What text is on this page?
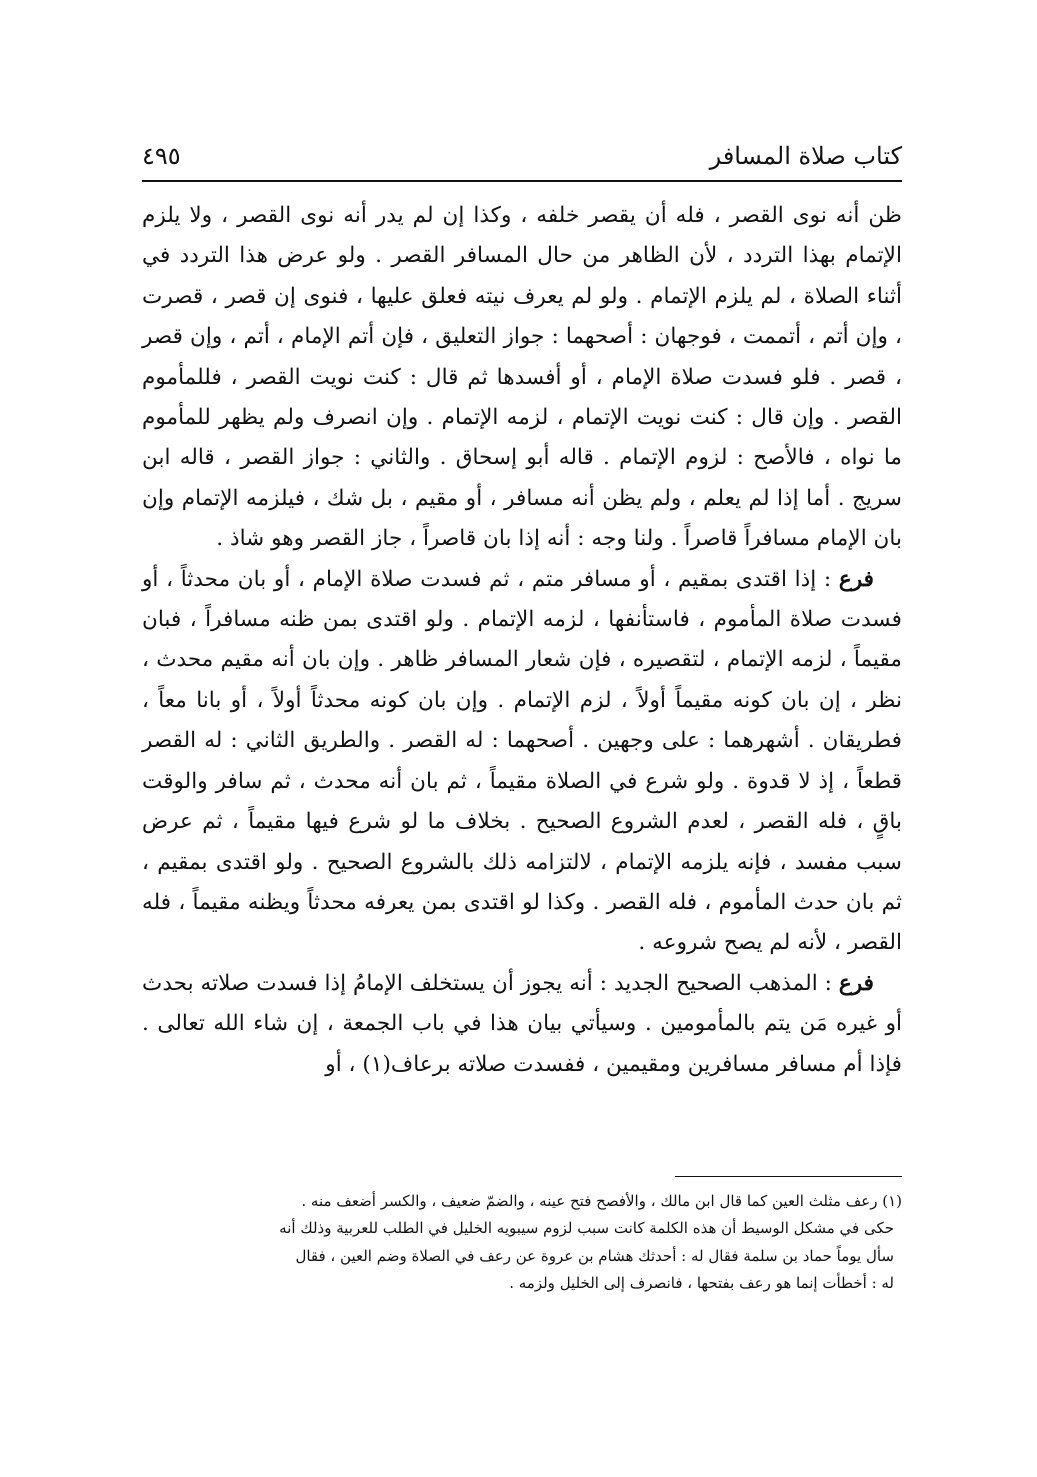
كتاب صلاة المسافر
٤٩٥

ظن أنه نوى القصر ، فله أن يقصر خلفه ، وكذا إن لم يدر أنه نوى القصر ، ولا يلزم الإتمام بهذا التردد ، لأن الظاهر من حال المسافر القصر . ولو عرض هذا التردد في أثناء الصلاة ، لم يلزم الإتمام . ولو لم يعرف نيته فعلق عليها ، فنوى إن قصر ، قصرت ، وإن أتم ، أتممت ، فوجهان : أصحهما : جواز التعليق ، فإن أتم الإمام ، أتم ، وإن قصر ، قصر . فلو فسدت صلاة الإمام ، أو أفسدها ثم قال : كنت نويت القصر ، فللمأموم القصر . وإن قال : كنت نويت الإتمام ، لزمه الإتمام . وإن انصرف ولم يظهر للمأموم ما نواه ، فالأصح : لزوم الإتمام . قاله أبو إسحاق . والثاني : جواز القصر ، قاله ابن سريج . أما إذا لم يعلم ، ولم يظن أنه مسافر ، أو مقيم ، بل شك ، فيلزمه الإتمام وإن بان الإمام مسافراً قاصراً . ولنا وجه : أنه إذا بان قاصراً ، جاز القصر وهو شاذ .

فرع : إذا اقتدى بمقيم ، أو مسافر متم ، ثم فسدت صلاة الإمام ، أو بان محدثاً ، أو فسدت صلاة المأموم ، فاستأنفها ، لزمه الإتمام . ولو اقتدى بمن ظنه مسافراً ، فبان مقيماً ، لزمه الإتمام ، لتقصيره ، فإن شعار المسافر ظاهر . وإن بان أنه مقيم محدث ، نظر ، إن بان كونه مقيماً أولاً ، لزم الإتمام . وإن بان كونه محدثاً أولاً ، أو بانا معاً ، فطريقان . أشهرهما : على وجهين . أصحهما : له القصر . والطريق الثاني : له القصر قطعاً ، إذ لا قدوة . ولو شرع في الصلاة مقيماً ، ثم بان أنه محدث ، ثم سافر والوقت باقٍ ، فله القصر ، لعدم الشروع الصحيح . بخلاف ما لو شرع فيها مقيماً ، ثم عرض سبب مفسد ، فإنه يلزمه الإتمام ، لالتزامه ذلك بالشروع الصحيح . ولو اقتدى بمقيم ، ثم بان حدث المأموم ، فله القصر . وكذا لو اقتدى بمن يعرفه محدثاً ويظنه مقيماً ، فله القصر ، لأنه لم يصح شروعه .

فرع : المذهب الصحيح الجديد : أنه يجوز أن يستخلف الإمامُ إذا فسدت صلاته بحدث أو غيره مَن يتم بالمأمومين . وسيأتي بيان هذا في باب الجمعة ، إن شاء الله تعالى . فإذا أم مسافر مسافرين ومقيمين ، ففسدت صلاته برعاف(١) ، أو

(١) رعف مثلث العين كما قال ابن مالك ، والأفصح فتح عينه ، والضمّ ضعيف ، والكسر أضعف منه .
حكى في مشكل الوسيط أن هذه الكلمة كانت سبب لزوم سيبويه الخليل في الطلب للعربية وذلك أنه
سأل يوماً حماد بن سلمة فقال له : أحدثك هشام بن عروة عن رعف في الصلاة وضم العين ، فقال
له : أخطأت إنما هو رعف بفتحها ، فانصرف إلى الخليل ولزمه .
